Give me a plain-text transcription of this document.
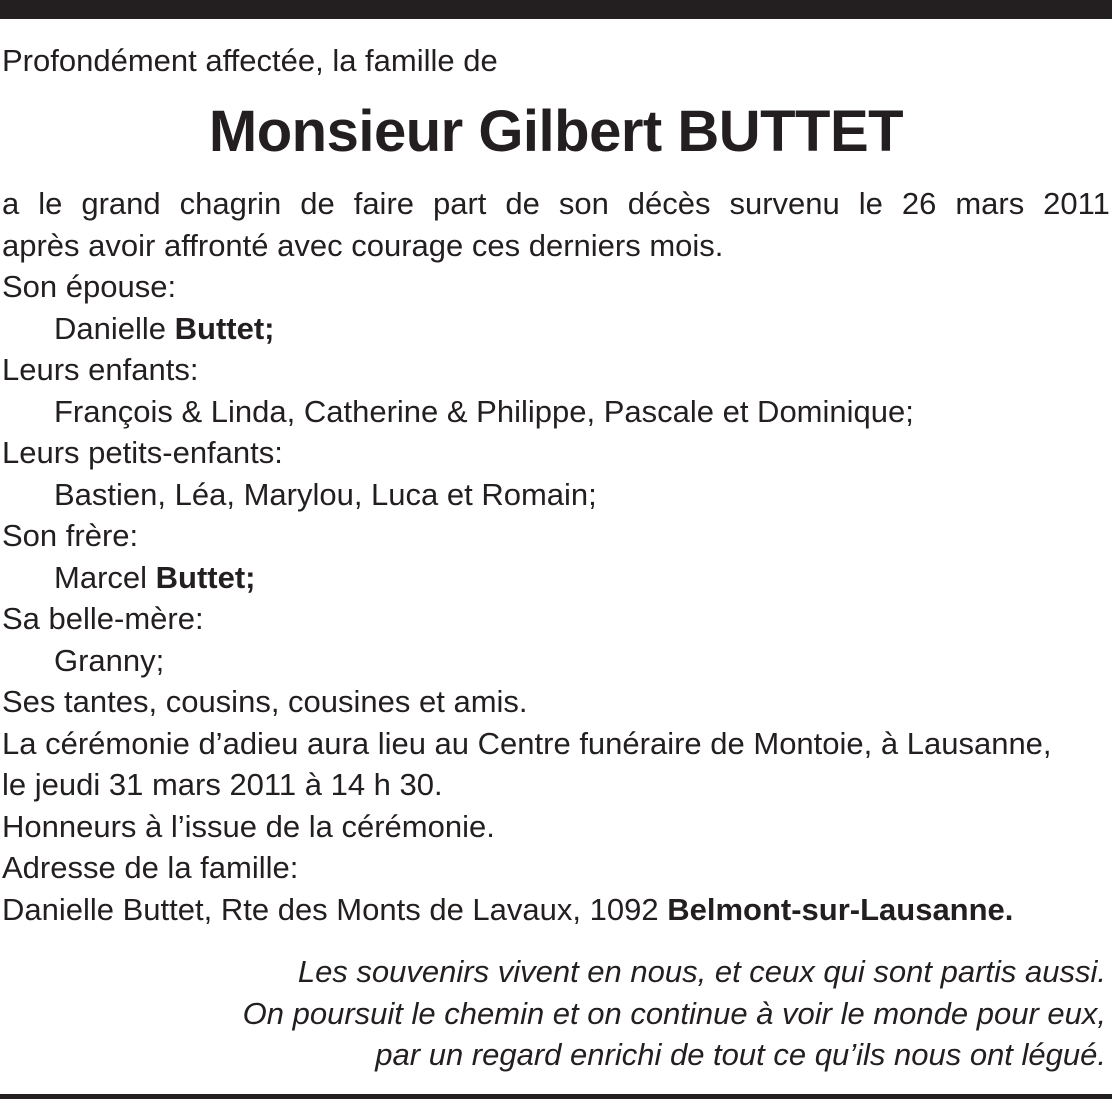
Profondément affectée, la famille de
Monsieur Gilbert BUTTET
a le grand chagrin de faire part de son décès survenu le 26 mars 2011
après avoir affronté avec courage ces derniers mois.
Son épouse:
Danielle Buttet;
Leurs enfants:
François & Linda, Catherine & Philippe, Pascale et Dominique;
Leurs petits-enfants:
Bastien, Léa, Marylou, Luca et Romain;
Son frère:
Marcel Buttet;
Sa belle-mère:
Granny;
Ses tantes, cousins, cousines et amis.
La cérémonie d’adieu aura lieu au Centre funéraire de Montoie, à Lausanne,
le jeudi 31 mars 2011 à 14 h 30.
Honneurs à l’issue de la cérémonie.
Adresse de la famille:
Danielle Buttet, Rte des Monts de Lavaux, 1092 Belmont-sur-Lausanne.
Les souvenirs vivent en nous, et ceux qui sont partis aussi.
On poursuit le chemin et on continue à voir le monde pour eux,
par un regard enrichi de tout ce qu’ils nous ont légué.
